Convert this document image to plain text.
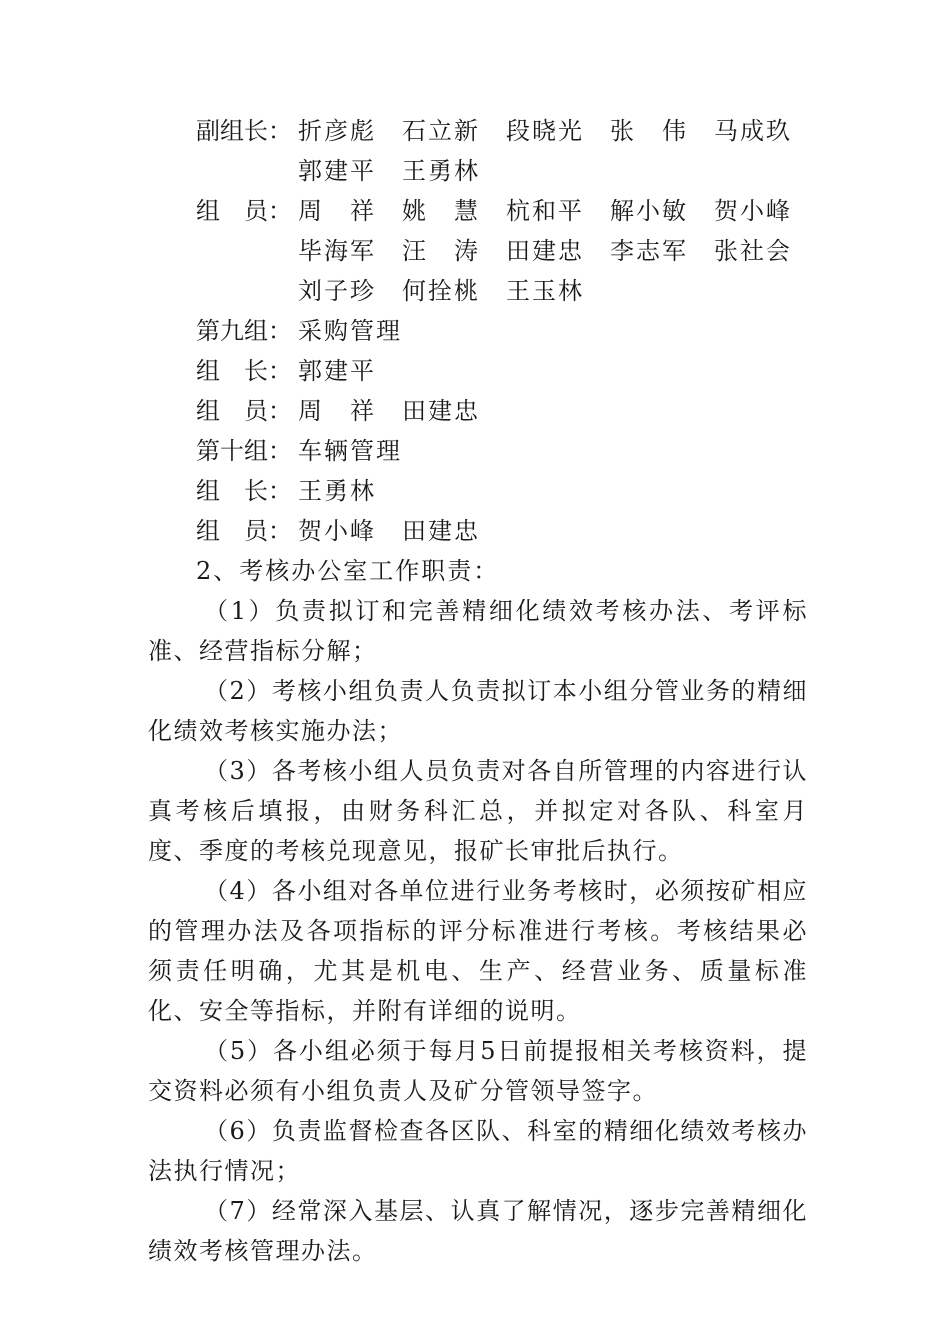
副组长： 折彦彪　石立新　段晓光　张　伟　马成玖
郭建平　王勇林
组　员： 周　祥　姚　慧　杭和平　解小敏　贺小峰
毕海军　汪　涛　田建忠　李志军　张社会
刘子珍　何拴桃　王玉林
第九组： 采购管理
组　长： 郭建平
组　员： 周　祥　田建忠
第十组： 车辆管理
组　长： 王勇林
组　员： 贺小峰　田建忠
2、考核办公室工作职责：

（1）负责拟订和完善精细化绩效考核办法、考评标准、经营指标分解；

（2）考核小组负责人负责拟订本小组分管业务的精细化绩效考核实施办法；

（3）各考核小组人员负责对各自所管理的内容进行认真考核后填报，由财务科汇总，并拟定对各队、科室月度、季度的考核兑现意见，报矿长审批后执行。

（4）各小组对各单位进行业务考核时，必须按矿相应的管理办法及各项指标的评分标准进行考核。考核结果必须责任明确，尤其是机电、生产、经营业务、质量标准化、安全等指标，并附有详细的说明。

（5）各小组必须于每月5日前提报相关考核资料，提交资料必须有小组负责人及矿分管领导签字。

（6）负责监督检查各区队、科室的精细化绩效考核办法执行情况；

（7）经常深入基层、认真了解情况，逐步完善精细化绩效考核管理办法。
